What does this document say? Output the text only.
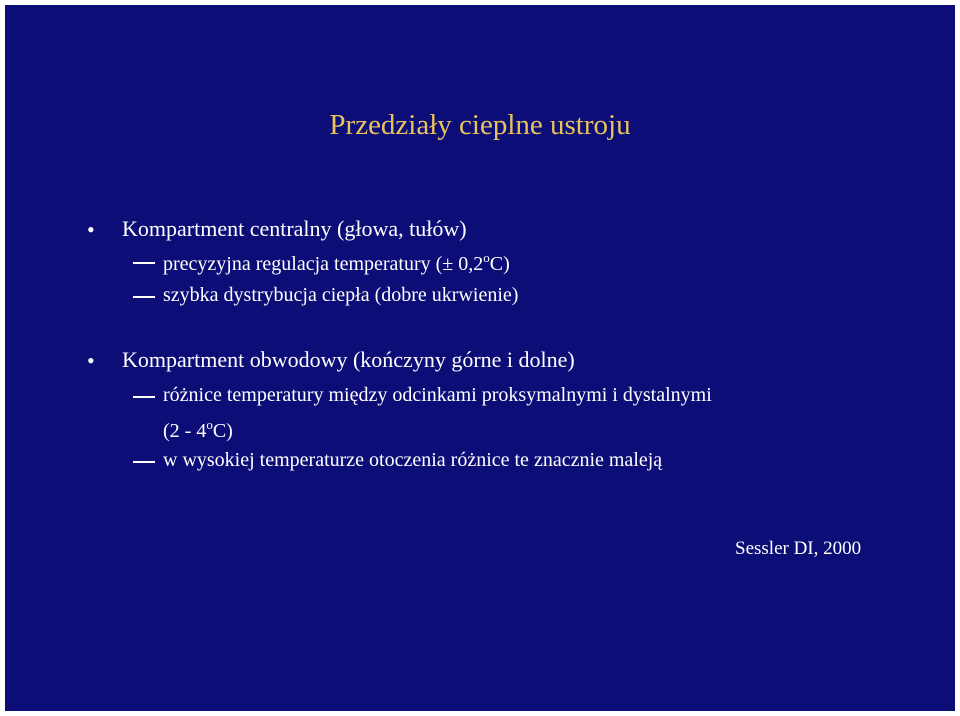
Przedziały cieplne ustroju
• Kompartment centralny (głowa, tułów)
precyzyjna regulacja temperatury (± $0,2^oC$)
szybka dystrybucja ciepła (dobre ukrwienie)
• Kompartment obwodowy (kończyny górne i dolne)
różnice temperatury między odcinkami proksymalnymi i dystalnymi
(2 - 4$^o$C)
w wysokiej temperaturze otoczenia różnice te znacznie maleją
Sessler DI, 2000
